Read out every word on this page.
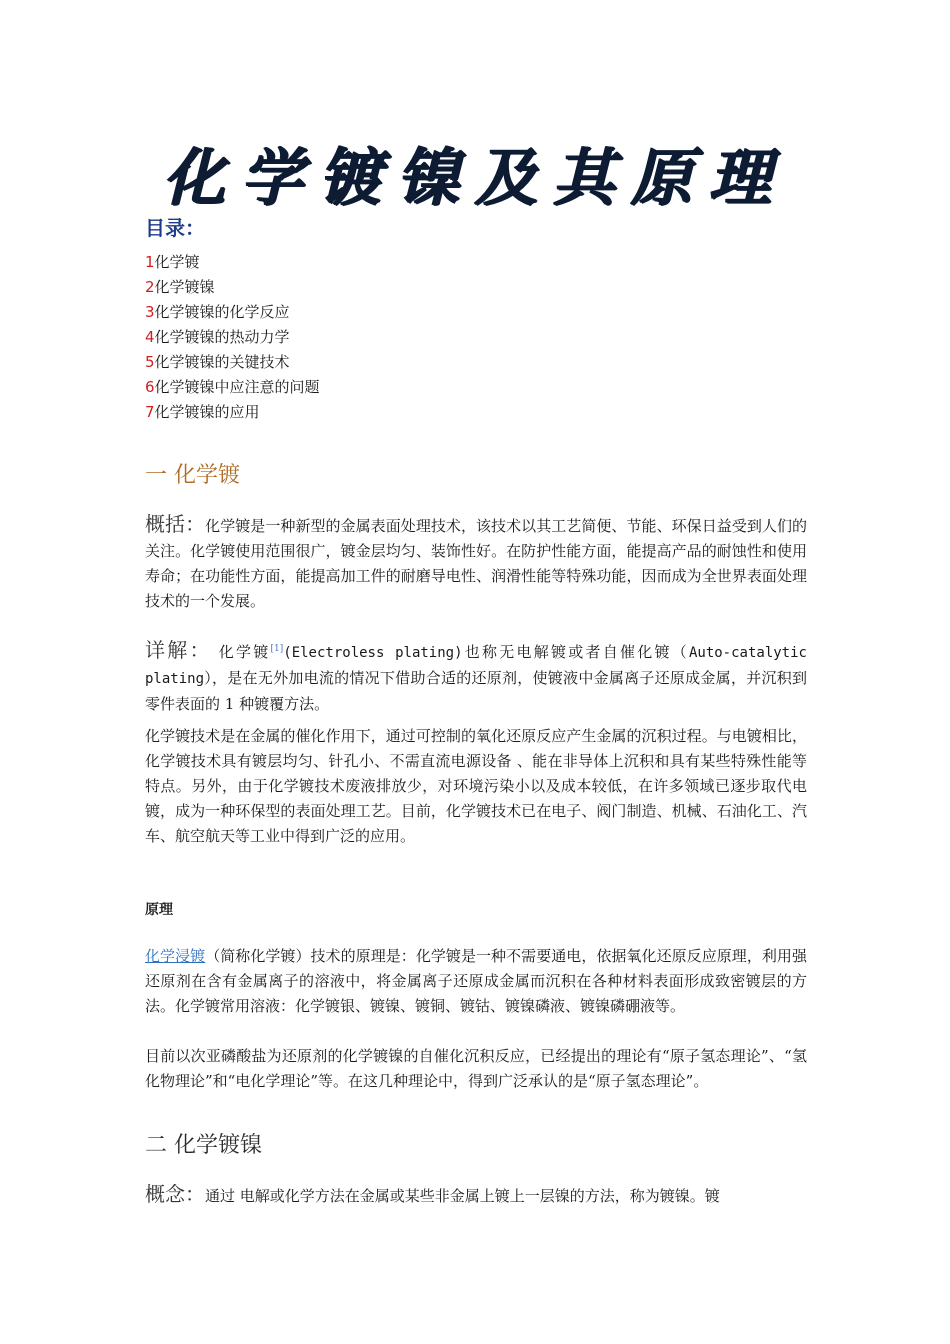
化学镀镍及其原理
目录：
1化学镀
2化学镀镍
3化学镀镍的化学反应
4化学镀镍的热动力学
5化学镀镍的关键技术
6化学镀镍中应注意的问题
7化学镀镍的应用
一 化学镀
概括：化学镀是一种新型的金属表面处理技术，该技术以其工艺简便、节能、环保日益受到人们的关注。化学镀使用范围很广，镀金层均匀、装饰性好。在防护性能方面，能提高产品的耐蚀性和使用寿命；在功能性方面，能提高加工件的耐磨导电性、润滑性能等特殊功能，因而成为全世界表面处理技术的一个发展。
详解： 化学镀[1](Electroless plating)也称无电解镀或者自催化镀（Auto-catalytic plating），是在无外加电流的情况下借助合适的还原剂，使镀液中金属离子还原成金属，并沉积到零件表面的 1 种镀覆方法。
化学镀技术是在金属的催化作用下，通过可控制的氧化还原反应产生金属的沉积过程。与电镀相比，化学镀技术具有镀层均匀、针孔小、不需直流电源设备 、能在非导体上沉积和具有某些特殊性能等特点。另外，由于化学镀技术废液排放少，对环境污染小以及成本较低，在许多领域已逐步取代电镀，成为一种环保型的表面处理工艺。目前，化学镀技术已在电子、阀门制造、机械、石油化工、汽车、航空航天等工业中得到广泛的应用。
原理
化学浸镀（简称化学镀）技术的原理是：化学镀是一种不需要通电，依据氧化还原反应原理，利用强还原剂在含有金属离子的溶液中，将金属离子还原成金属而沉积在各种材料表面形成致密镀层的方法。化学镀常用溶液：化学镀银、镀镍、镀铜、镀钴、镀镍磷液、镀镍磷硼液等。
目前以次亚磷酸盐为还原剂的化学镀镍的自催化沉积反应，已经提出的理论有“原子氢态理论”、“氢化物理论”和“电化学理论”等。在这几种理论中，得到广泛承认的是“原子氢态理论”。
二 化学镀镍
概念：通过 电解或化学方法在金属或某些非金属上镀上一层镍的方法，称为镀镍。镀
